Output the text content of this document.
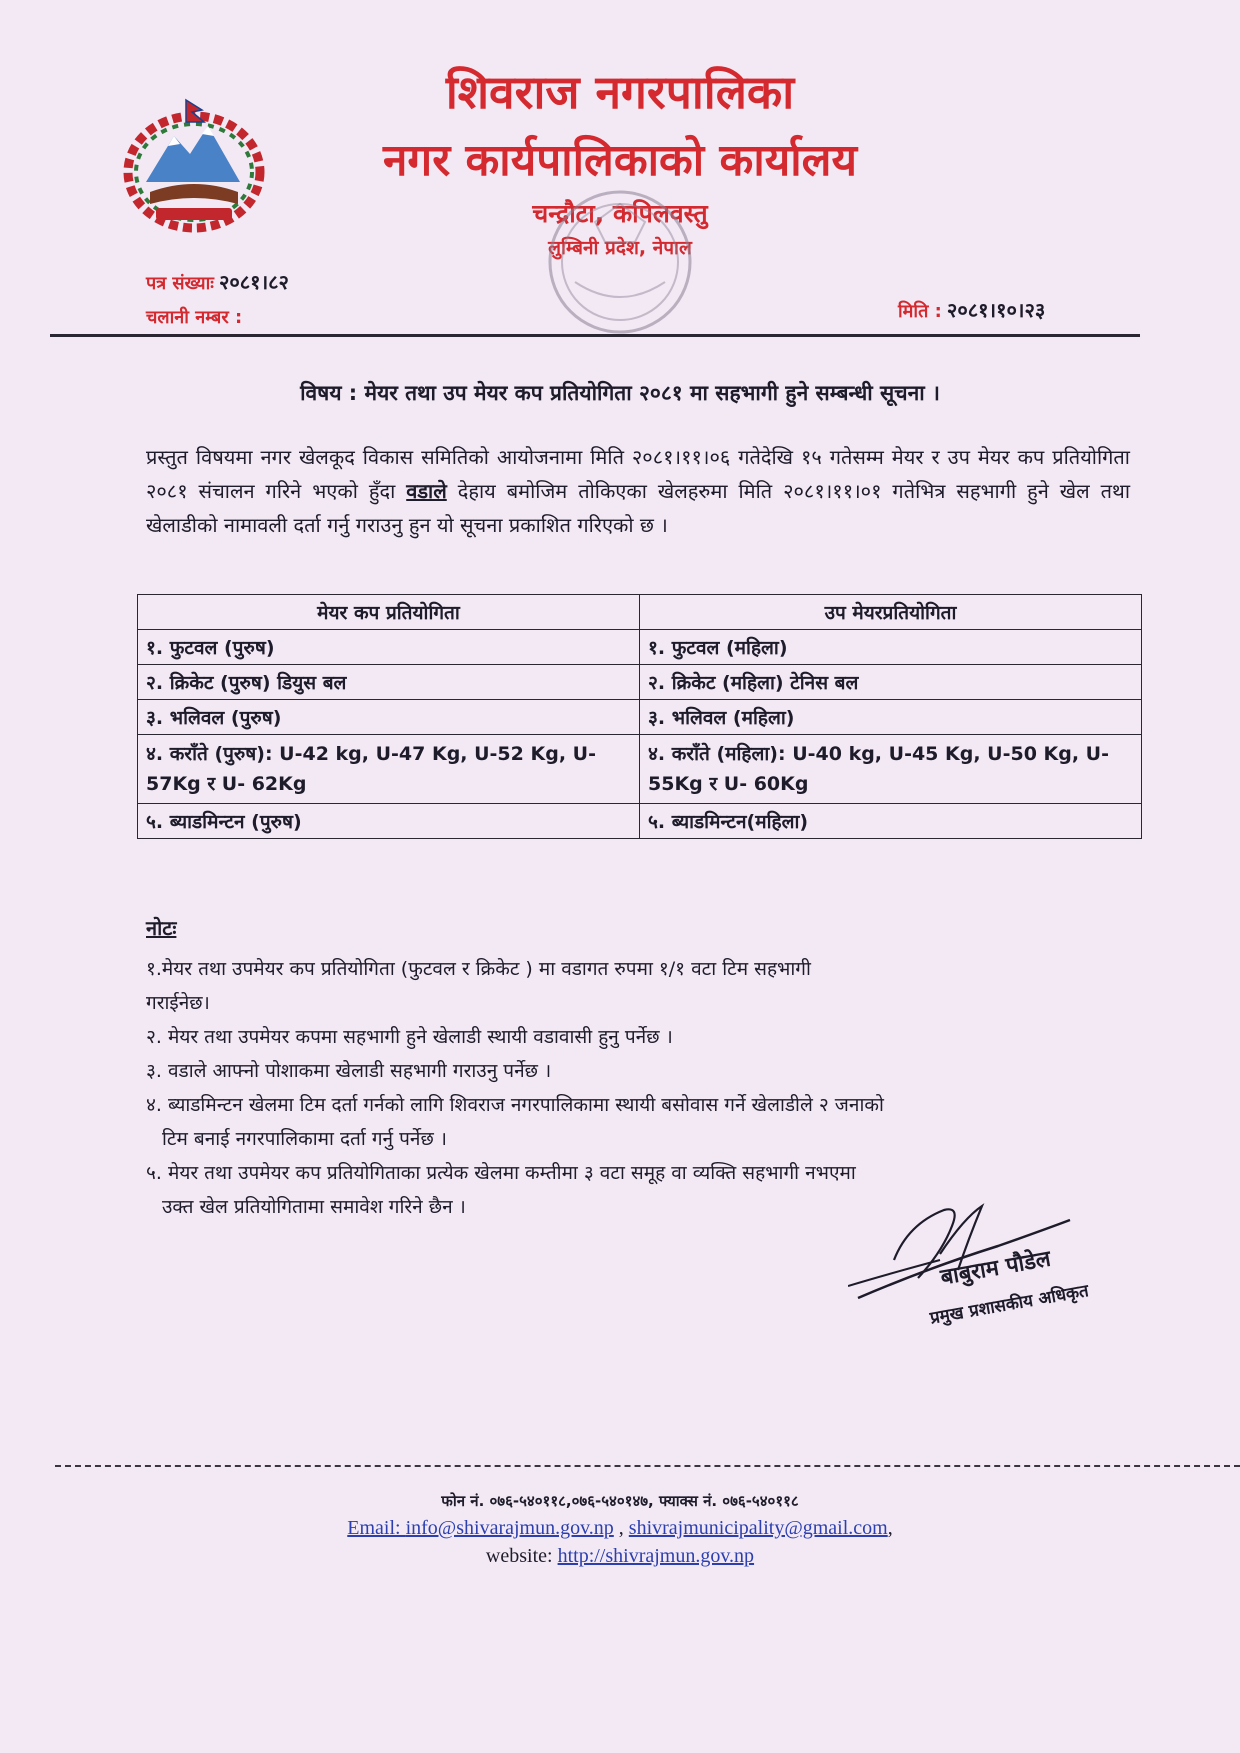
शिवराज नगरपालिका
नगर कार्यपालिकाको कार्यालय
चन्द्रौटा, कपिलवस्तु
लुम्बिनी प्रदेश, नेपाल
पत्र संख्याः २०८१।८२
चलानी नम्बर :	मिति : २०८१।१०।२३
विषय : मेयर तथा उप मेयर कप प्रतियोगिता २०८१ मा सहभागी हुने सम्बन्धी सूचना ।
प्रस्तुत विषयमा नगर खेलकूद विकास समितिको आयोजनामा मिति २०८१।११।०६ गतेदेखि १५ गतेसम्म मेयर र उप मेयर कप प्रतियोगिता २०८१ संचालन गरिने भएको हुँदा वडाले देहाय बमोजिम तोकिएका खेलहरुमा मिति २०८१।११।०१ गतेभित्र सहभागी हुने खेल तथा खेलाडीको नामावली दर्ता गर्नु गराउनु हुन यो सूचना प्रकाशित गरिएको छ ।
मेयर कप प्रतियोगिता	उप मेयरप्रतियोगिता
१. फुटवल (पुरुष)	१. फुटवल (महिला)
२. क्रिकेट (पुरुष) डियुस बल	२. क्रिकेट (महिला) टेनिस बल
३. भलिवल (पुरुष)	३. भलिवल (महिला)
४. कराँते (पुरुष): U-42 kg, U-47 Kg, U-52 Kg, U-57Kg र U- 62Kg	४. कराँते (महिला): U-40 kg, U-45 Kg, U-50 Kg, U-55Kg र U- 60Kg
५. ब्याडमिन्टन (पुरुष)	५. ब्याडमिन्टन(महिला)
नोटः
१.मेयर तथा उपमेयर कप प्रतियोगिता (फुटवल र क्रिकेट ) मा वडागत रुपमा १/१ वटा टिम सहभागी
गराईनेछ।
२. मेयर तथा उपमेयर कपमा सहभागी हुने खेलाडी स्थायी वडावासी हुनु पर्नेछ ।
३. वडाले आफ्नो पोशाकमा खेलाडी सहभागी गराउनु पर्नेछ ।
४. ब्याडमिन्टन खेलमा टिम दर्ता गर्नको लागि शिवराज नगरपालिकामा स्थायी बसोवास गर्ने खेलाडीले २ जनाको
टिम बनाई नगरपालिकामा दर्ता गर्नु पर्नेछ ।
५. मेयर तथा उपमेयर कप प्रतियोगिताका प्रत्येक खेलमा कम्तीमा ३ वटा समूह वा व्यक्ति सहभागी नभएमा
उक्त खेल प्रतियोगितामा समावेश गरिने छैन ।
बाबुराम पौडेल
प्रमुख प्रशासकीय अधिकृत
फोन नं. ०७६-५४०११८,०७६-५४०१४७, फ्याक्स नं. ०७६-५४०११८
Email: info@shivarajmun.gov.np , shivrajmunicipality@gmail.com,
website: http://shivrajmun.gov.np
